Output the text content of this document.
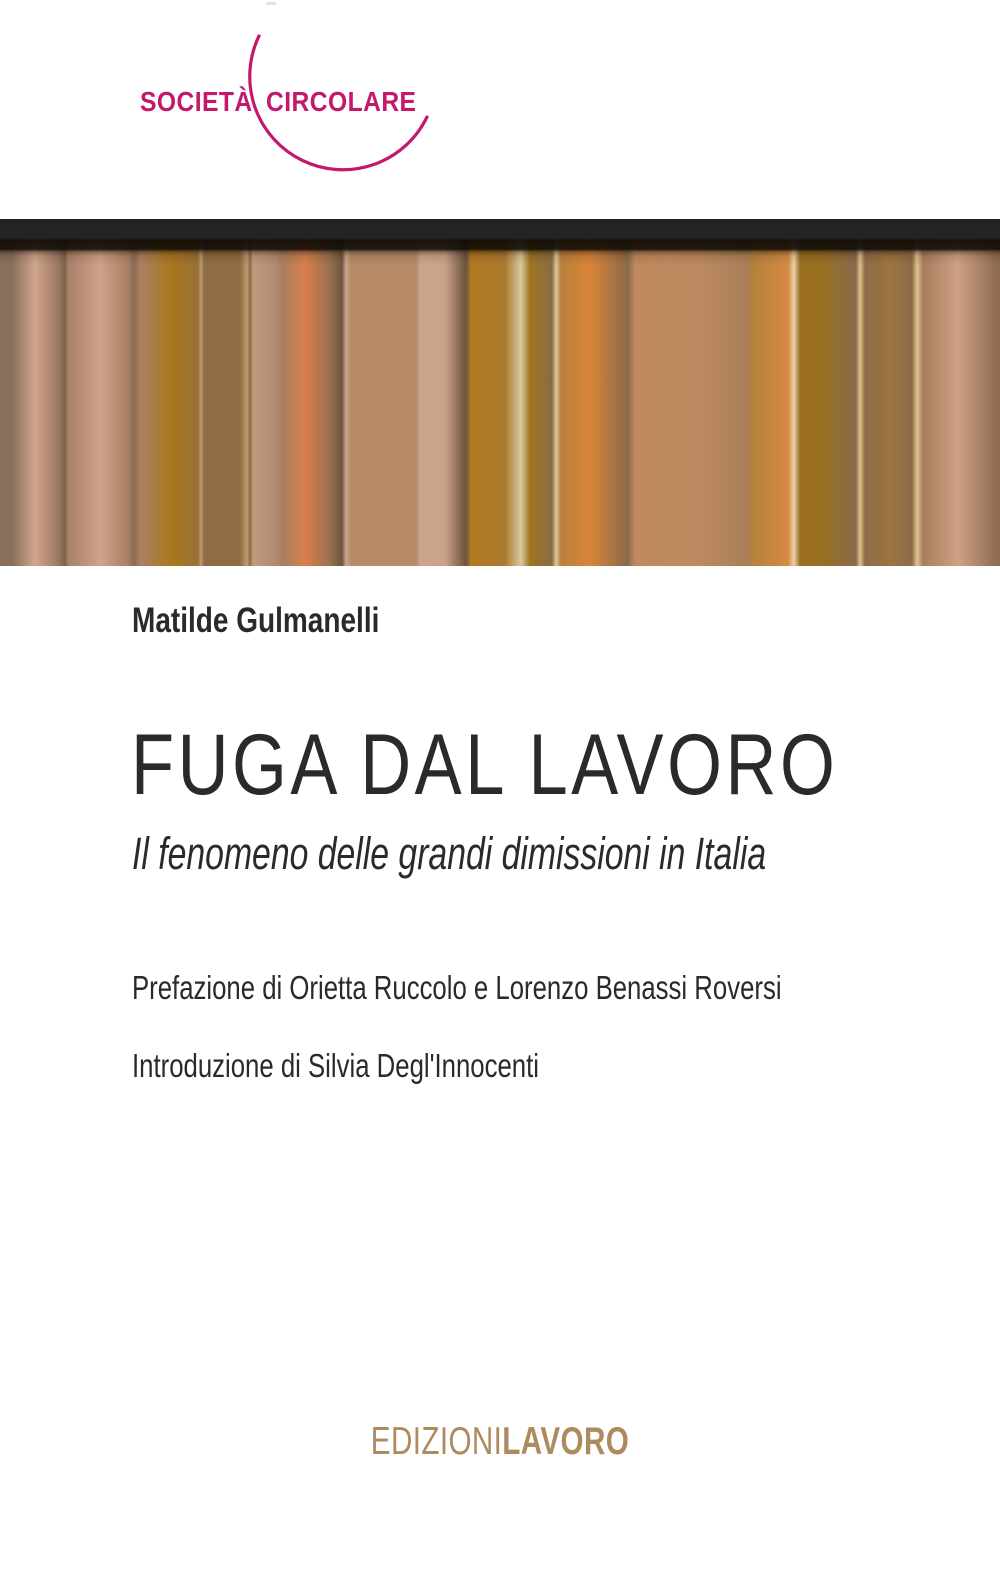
SOCIETÀ CIRCOLARE
Matilde Gulmanelli
FUGA DAL LAVORO
Il fenomeno delle grandi dimissioni in Italia
Prefazione di Orietta Ruccolo e Lorenzo Benassi Roversi
Introduzione di Silvia Degl'Innocenti
EDIZIONILAVORO
